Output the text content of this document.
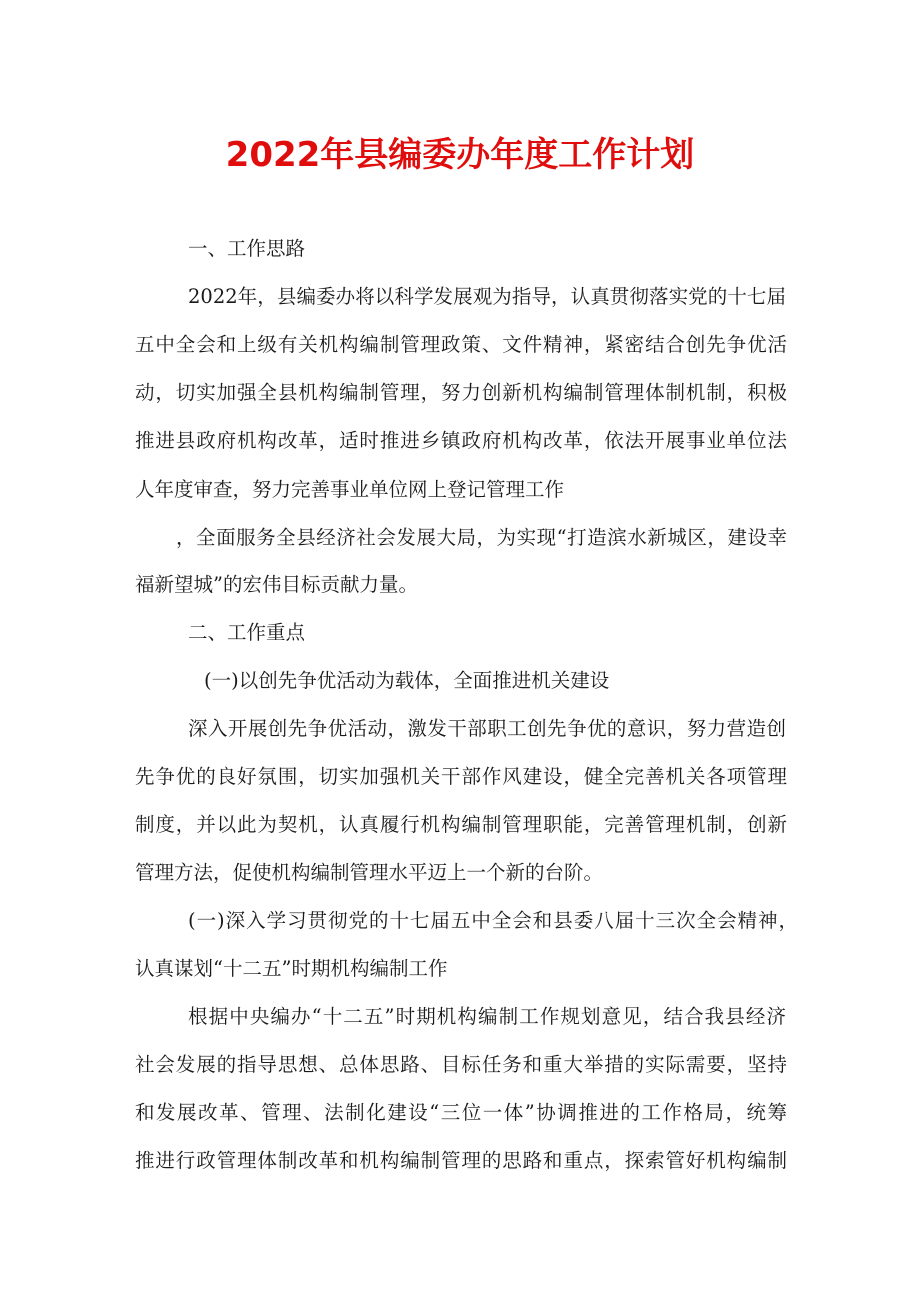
2022年县编委办年度工作计划
一、工作思路
2022年，县编委办将以科学发展观为指导，认真贯彻落实党的十七届
五中全会和上级有关机构编制管理政策、文件精神，紧密结合创先争优活
动，切实加强全县机构编制管理，努力创新机构编制管理体制机制，积极
推进县政府机构改革，适时推进乡镇政府机构改革，依法开展事业单位法
人年度审查，努力完善事业单位网上登记管理工作
，全面服务全县经济社会发展大局，为实现“打造滨水新城区，建设幸
福新望城”的宏伟目标贡献力量。
二、工作重点
(一)以创先争优活动为载体，全面推进机关建设
深入开展创先争优活动，激发干部职工创先争优的意识，努力营造创
先争优的良好氛围，切实加强机关干部作风建设，健全完善机关各项管理
制度，并以此为契机，认真履行机构编制管理职能，完善管理机制，创新
管理方法，促使机构编制管理水平迈上一个新的台阶。
(一)深入学习贯彻党的十七届五中全会和县委八届十三次全会精神，
认真谋划“十二五”时期机构编制工作
根据中央编办“十二五”时期机构编制工作规划意见，结合我县经济
社会发展的指导思想、总体思路、目标任务和重大举措的实际需要，坚持
和发展改革、管理、法制化建设“三位一体”协调推进的工作格局，统筹
推进行政管理体制改革和机构编制管理的思路和重点，探索管好机构编制
